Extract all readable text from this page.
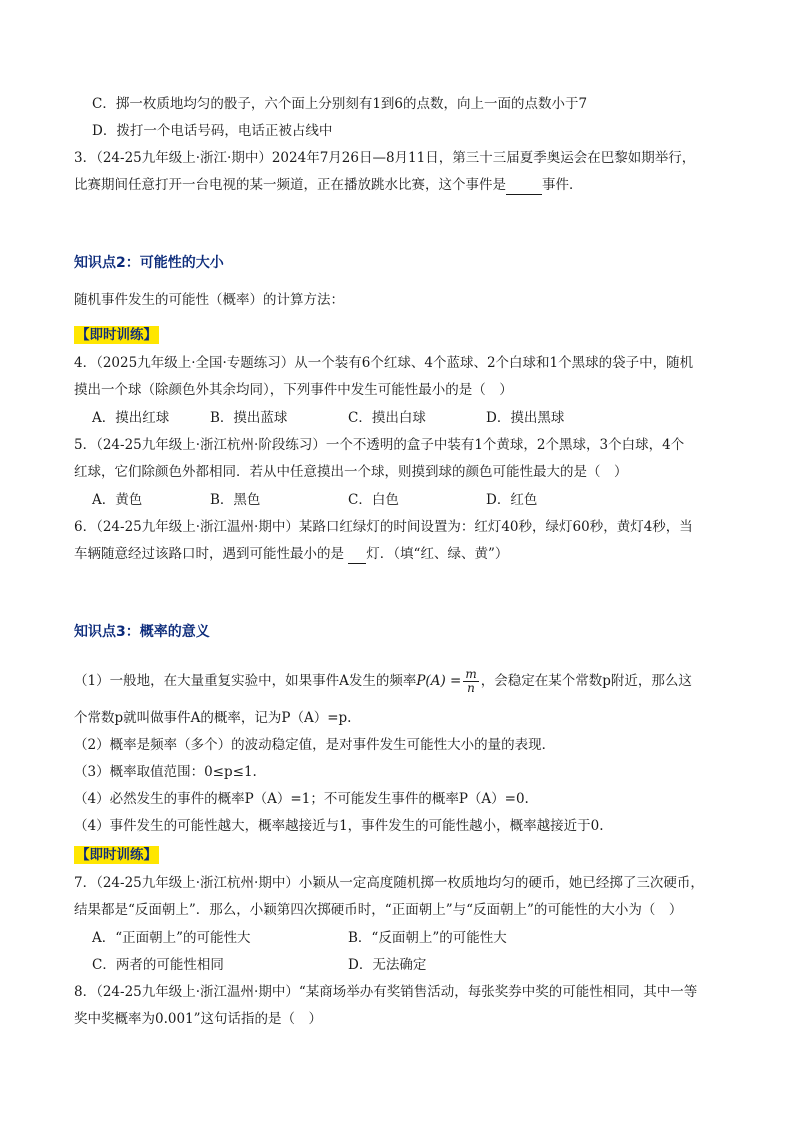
C．掷一枚质地均匀的骰子，六个面上分别刻有1到6的点数，向上一面的点数小于7
D．拨打一个电话号码，电话正被占线中
3．（24-25九年级上·浙江·期中）2024年7月26日—8月11日，第三十三届夏季奥运会在巴黎如期举行，
比赛期间任意打开一台电视的某一频道，正在播放跳水比赛，这个事件是	事件．
知识点2：可能性的大小
随机事件发生的可能性（概率）的计算方法：
【即时训练】
4．（2025九年级上·全国·专题练习）从一个装有6个红球、4个蓝球、2个白球和1个黑球的袋子中，随机
摸出一个球（除颜色外其余均同），下列事件中发生可能性最小的是（　）
A．摸出红球	B．摸出蓝球	C．摸出白球	D．摸出黑球
5．（24-25九年级上·浙江杭州·阶段练习）一个不透明的盒子中装有1个黄球，2个黑球，3个白球，4个
红球，它们除颜色外都相同．若从中任意摸出一个球，则摸到球的颜色可能性最大的是（　）
A．黄色	B．黑色	C．白色	D．红色
6．（24-25九年级上·浙江温州·期中）某路口红绿灯的时间设置为：红灯40秒，绿灯60秒，黄灯4秒，当
车辆随意经过该路口时，遇到可能性最小的是 灯．（填“红、绿、黄”）
知识点3：概率的意义
（1）一般地，在大量重复实验中，如果事件A发生的频率$P(A) = \frac{m}{n}$ ，会稳定在某个常数p附近，那么这
个常数p就叫做事件A的概率，记为P（A）=p.
（2）概率是频率（多个）的波动稳定值，是对事件发生可能性大小的量的表现．
（3）概率取值范围：0≤p≤1.
（4）必然发生的事件的概率P（A）=1；不可能发生事件的概率P（A）=0.
（4）事件发生的可能性越大，概率越接近与1，事件发生的可能性越小，概率越接近于0.
【即时训练】
7．（24-25九年级上·浙江杭州·期中）小颖从一定高度随机掷一枚质地均匀的硬币，她已经掷了三次硬币，
结果都是“反面朝上”．那么，小颖第四次掷硬币时，“正面朝上”与“反面朝上”的可能性的大小为（　）
A．“正面朝上”的可能性大	B．“反面朝上”的可能性大
C．两者的可能性相同	D．无法确定
8．（24-25九年级上·浙江温州·期中）“某商场举办有奖销售活动，每张奖券中奖的可能性相同，其中一等
奖中奖概率为0.001”这句话指的是（　）
